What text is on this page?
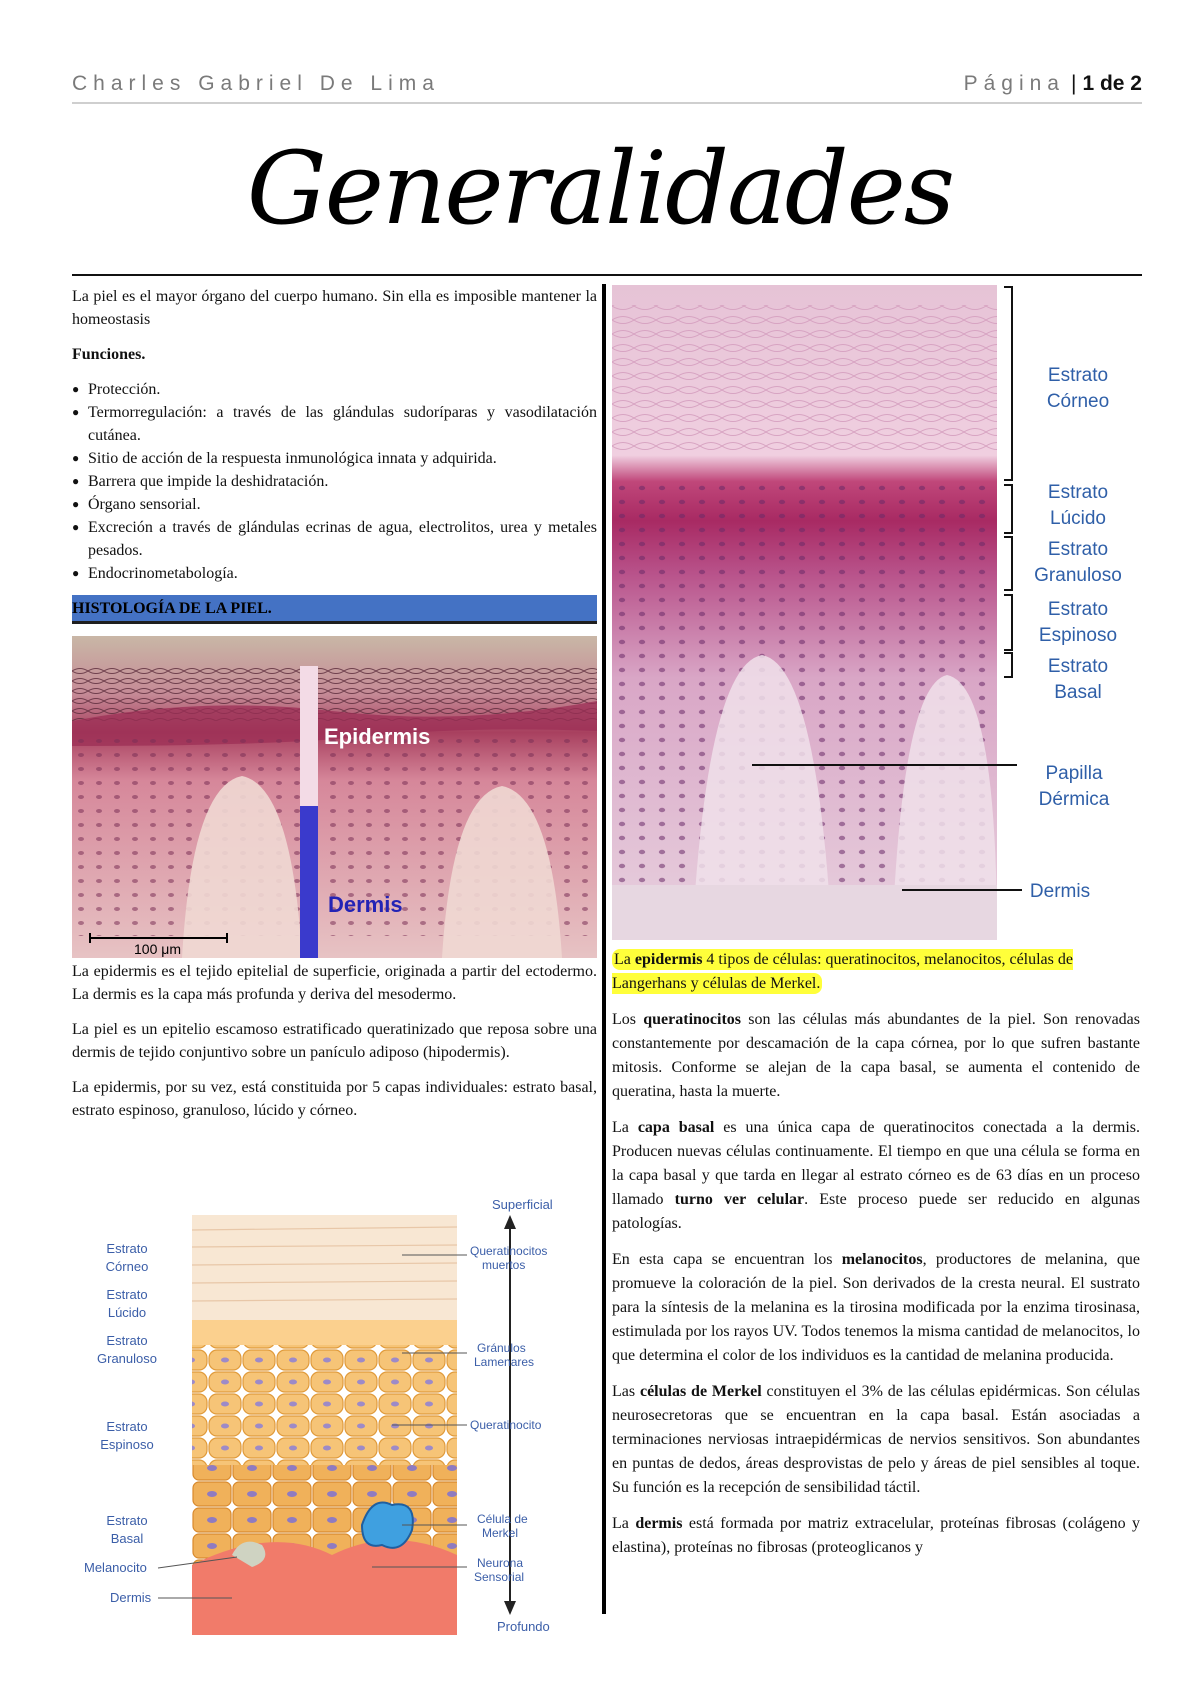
Charles Gabriel De Lima	Página | 1 de 2
Generalidades

La piel es el mayor órgano del cuerpo humano. Sin ella es imposible mantener la homeostasis

Funciones.
● Protección.
● Termorregulación: a través de las glándulas sudoríparas y vasodilatación cutánea.
● Sitio de acción de la respuesta inmunológica innata y adquirida.
● Barrera que impide la deshidratación.
● Órgano sensorial.
● Excreción a través de glándulas ecrinas de agua, electrolitos, urea y metales pesados.
● Endocrinometabología.
HISTOLOGÍA DE LA PIEL.
Epidermis
Dermis
100 μm

La epidermis es el tejido epitelial de superficie, originada a partir del ectodermo. La dermis es la capa más profunda y deriva del mesodermo.

La piel es un epitelio escamoso estratificado queratinizado que reposa sobre una dermis de tejido conjuntivo sobre un panículo adiposo (hipodermis).

La epidermis, por su vez, está constituida por 5 capas individuales: estrato basal, estrato espinoso, granuloso, lúcido y córneo.

Superficial
Profundo
Estrato
Córneo
Estrato
Lúcido
Estrato
Granuloso
Estrato
Espinoso
Estrato
Basal
Melanocito
Dermis
Queratinocitos
muertos
Gránulos
Lamenares
Queratinocito
Célula de
Merkel
Neurona
Sensorial
Estrato
Córneo
Estrato
Lúcido
Estrato
Granuloso
Estrato
Espinoso
Estrato
Basal
Papilla
Dérmica
Dermis

La epidermis 4 tipos de células: queratinocitos, melanocitos, células de Langerhans y células de Merkel.

Los queratinocitos son las células más abundantes de la piel. Son renovadas constantemente por descamación de la capa córnea, por lo que sufren bastante mitosis. Conforme se alejan de la capa basal, se aumenta el contenido de queratina, hasta la muerte.

La capa basal es una única capa de queratinocitos conectada a la dermis. Producen nuevas células continuamente. El tiempo en que una célula se forma en la capa basal y que tarda en llegar al estrato córneo es de 63 días en un proceso llamado turno ver celular. Este proceso puede ser reducido en algunas patologías.

En esta capa se encuentran los melanocitos, productores de melanina, que promueve la coloración de la piel. Son derivados de la cresta neural. El sustrato para la síntesis de la melanina es la tirosina modificada por la enzima tirosinasa, estimulada por los rayos UV. Todos tenemos la misma cantidad de melanocitos, lo que determina el color de los individuos es la cantidad de melanina producida.

Las células de Merkel constituyen el 3% de las células epidérmicas. Son células neurosecretoras que se encuentran en la capa basal. Están asociadas a terminaciones nerviosas intraepidérmicas de nervios sensitivos. Son abundantes en puntas de dedos, áreas desprovistas de pelo y áreas de piel sensibles al toque. Su función es la recepción de sensibilidad táctil.

La dermis está formada por matriz extracelular, proteínas fibrosas (colágeno y elastina), proteínas no fibrosas (proteoglicanos y
